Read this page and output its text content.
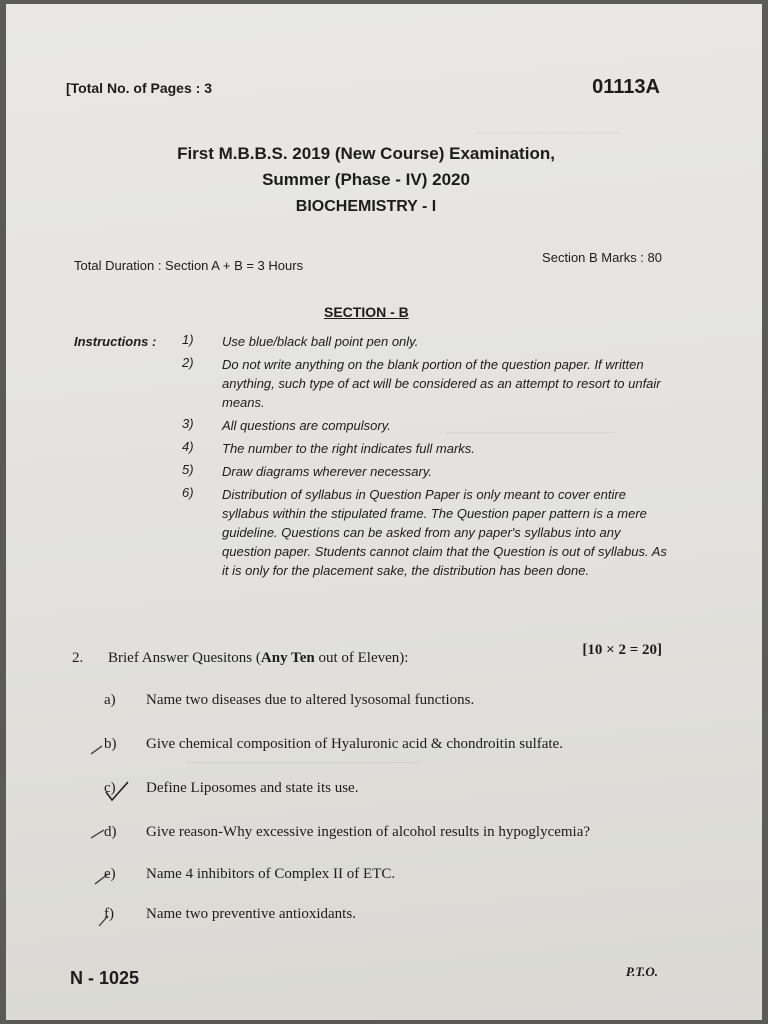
———————————
—————————————
——————————————————
[Total No. of Pages : 3	01113A
First M.B.B.S. 2019 (New Course) Examination,
Summer (Phase - IV) 2020
BIOCHEMISTRY - I
Total Duration : Section A + B = 3 Hours
Section B Marks : 80
SECTION - B
Instructions : 1)	Use blue/black ball point pen only.
2)	Do not write anything on the blank portion of the question paper. If written anything, such type of act will be considered as an attempt to resort to unfair means.
3)	All questions are compulsory.
4)	The number to the right indicates full marks.
5)	Draw diagrams wherever necessary.
6)	Distribution of syllabus in Question Paper is only meant to cover entire syllabus within the stipulated frame. The Question paper pattern is a mere guideline. Questions can be asked from any paper's syllabus into any question paper. Students cannot claim that the Question is out of syllabus. As it is only for the placement sake, the distribution has been done.
2. Brief Answer Quesitons (Any Ten out of Eleven):	[10 × 2 = 20]
a)	Name two diseases due to altered lysosomal functions.
b)	Give chemical composition of Hyaluronic acid & chondroitin sulfate.
c)	Define Liposomes and state its use.
d)	Give reason-Why excessive ingestion of alcohol results in hypoglycemia?
e)	Name 4 inhibitors of Complex II of ETC.
f)	Name two preventive antioxidants.
N - 1025	P.T.O.
